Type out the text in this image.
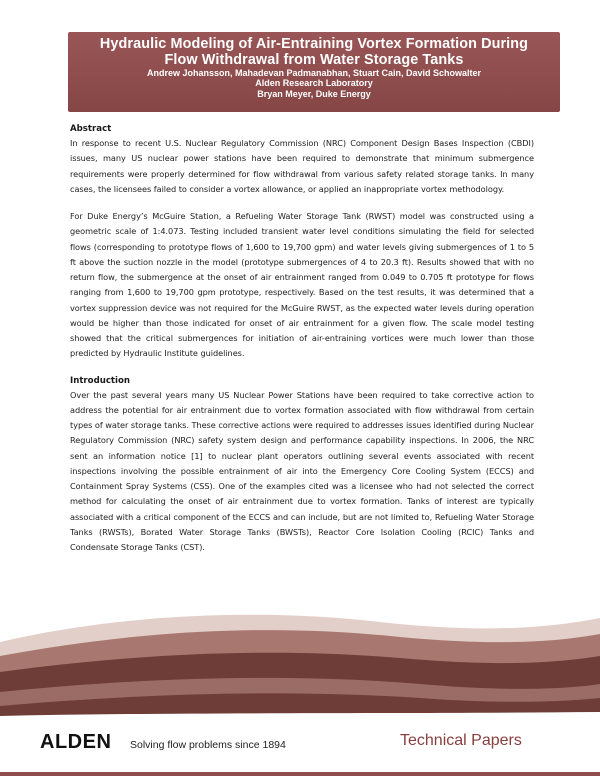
Hydraulic Modeling of Air-Entraining Vortex Formation During
Flow Withdrawal from Water Storage Tanks
Andrew Johansson, Mahadevan Padmanabhan, Stuart Cain, David Schowalter
Alden Research Laboratory
Bryan Meyer, Duke Energy
Abstract

In response to recent U.S. Nuclear Regulatory Commission (NRC) Component Design Bases Inspection (CBDI) issues, many US nuclear power stations have been required to demonstrate that minimum submergence requirements were properly determined for flow withdrawal from various safety related storage tanks. In many cases, the licensees failed to consider a vortex allowance, or applied an inappropriate vortex methodology.

For Duke Energy’s McGuire Station, a Refueling Water Storage Tank (RWST) model was constructed using a geometric scale of 1:4.073. Testing included transient water level conditions simulating the field for selected flows (corresponding to prototype flows of 1,600 to 19,700 gpm) and water levels giving submergences of 1 to 5 ft above the suction nozzle in the model (prototype submergences of 4 to 20.3 ft). Results showed that with no return flow, the submergence at the onset of air entrainment ranged from 0.049 to 0.705 ft prototype for flows ranging from 1,600 to 19,700 gpm prototype, respectively. Based on the test results, it was determined that a vortex suppression device was not required for the McGuire RWST, as the expected water levels during operation would be higher than those indicated for onset of air entrainment for a given flow. The scale model testing showed that the critical submergences for initiation of air-entraining vortices were much lower than those predicted by Hydraulic Institute guidelines.

Introduction

Over the past several years many US Nuclear Power Stations have been required to take corrective action to address the potential for air entrainment due to vortex formation associated with flow withdrawal from certain types of water storage tanks. These corrective actions were required to addresses issues identified during Nuclear Regulatory Commission (NRC) safety system design and performance capability inspections. In 2006, the NRC sent an information notice [1] to nuclear plant operators outlining several events associated with recent inspections involving the possible entrainment of air into the Emergency Core Cooling System (ECCS) and Containment Spray Systems (CSS). One of the examples cited was a licensee who had not selected the correct method for calculating the onset of air entrainment due to vortex formation. Tanks of interest are typically associated with a critical component of the ECCS and can include, but are not limited to, Refueling Water Storage Tanks (RWSTs), Borated Water Storage Tanks (BWSTs), Reactor Core Isolation Cooling (RCIC) Tanks and Condensate Storage Tanks (CST).

ALDEN Solving flow problems since 1894	Technical Papers
